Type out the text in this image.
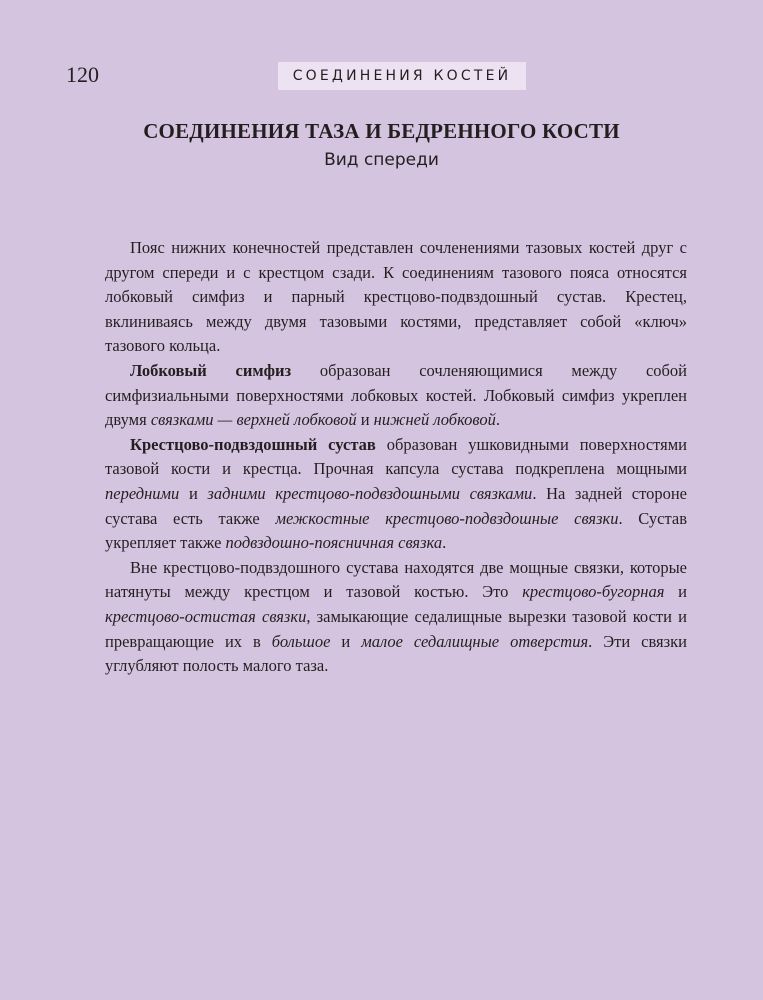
120	СОЕДИНЕНИЯ КОСТЕЙ
СОЕДИНЕНИЯ ТАЗА И БЕДРЕННОГО КОСТИ
Вид спереди

Пояс нижних конечностей представлен сочленениями тазовых костей друг с другом спереди и с крестцом сзади. К соединениям тазового пояса относятся лобковый симфиз и парный крестцово-подвздошный сустав. Крестец, вклиниваясь между двумя тазовыми костями, представляет собой «ключ» тазового кольца.

Лобковый симфиз образован сочленяющимися между собой симфизиальными поверхностями лобковых костей. Лобковый симфиз укреплен двумя связками — верхней лобковой и нижней лобковой.

Крестцово-подвздошный сустав образован ушковидными поверхностями тазовой кости и крестца. Прочная капсула сустава подкреплена мощными передними и задними крестцово-подвздошными связками. На задней стороне сустава есть также межкостные крестцово-подвздошные связки. Сустав укрепляет также подвздошно-поясничная связка.

Вне крестцово-подвздошного сустава находятся две мощные связки, которые натянуты между крестцом и тазовой костью. Это крестцово-бугорная и крестцово-остистая связки, замыкающие седалищные вырезки тазовой кости и превращающие их в большое и малое седалищные отверстия. Эти связки углубляют полость малого таза.
